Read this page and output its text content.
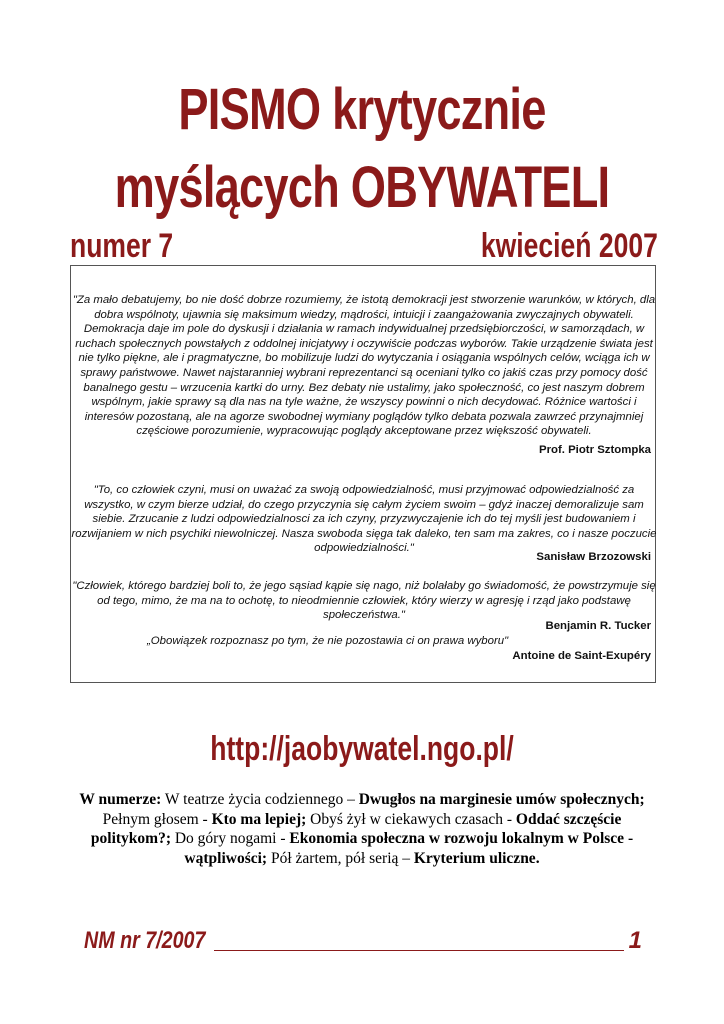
PISMO krytycznie
myślących OBYWATELI
numer 7	kwiecień 2007
"Za mało debatujemy, bo nie dość dobrze rozumiemy, że istotą demokracji jest stworzenie warunków, w których, dla dobra wspólnoty, ujawnia się maksimum wiedzy, mądrości, intuicji i zaangażowania zwyczajnych obywateli. Demokracja daje im pole do dyskusji i działania w ramach indywidualnej przedsiębiorczości, w samorządach, w ruchach społecznych powstałych z oddolnej inicjatywy i oczywiście podczas wyborów. Takie urządzenie świata jest nie tylko piękne, ale i pragmatyczne, bo mobilizuje ludzi do wytyczania i osiągania wspólnych celów, wciąga ich w sprawy państwowe. Nawet najstaranniej wybrani reprezentanci są oceniani tylko co jakiś czas przy pomocy dość banalnego gestu – wrzucenia kartki do urny. Bez debaty nie ustalimy, jako społeczność, co jest naszym dobrem wspólnym, jakie sprawy są dla nas na tyle ważne, że wszyscy powinni o nich decydować. Różnice wartości i interesów pozostaną, ale na agorze swobodnej wymiany poglądów tylko debata pozwala zawrzeć przynajmniej częściowe porozumienie, wypracowując poglądy akceptowane przez większość obywateli.
Prof. Piotr Sztompka
"To, co człowiek czyni, musi on uważać za swoją odpowiedzialność, musi przyjmować odpowiedzialność za wszystko, w czym bierze udział, do czego przyczynia się całym życiem swoim – gdyż inaczej demoralizuje sam siebie. Zrzucanie z ludzi odpowiedzialnosci za ich czyny, przyzwyczajenie ich do tej myśli jest budowaniem i rozwijaniem w nich psychiki niewolniczej. Nasza swoboda sięga tak daleko, ten sam ma zakres, co i nasze poczucie odpowiedzialności."
Sanisław Brzozowski
"Człowiek, którego bardziej boli to, że jego sąsiad kąpie się nago, niż bolałaby go świadomość, że powstrzymuje się od tego, mimo, że ma na to ochotę, to nieodmiennie człowiek, który wierzy w agresję i rząd jako podstawę społeczeństwa."
Benjamin R. Tucker
„Obowiązek rozpoznasz po tym, że nie pozostawia ci on prawa wyboru"
Antoine de Saint-Exupéry
http://jaobywatel.ngo.pl/
W numerze: W teatrze życia codziennego – Dwugłos na marginesie umów społecznych; Pełnym głosem - Kto ma lepiej; Obyś żył w ciekawych czasach - Oddać szczęście politykom?; Do góry nogami - Ekonomia społeczna w rozwoju lokalnym w Polsce - wątpliwości; Pół żartem, pół serią – Kryterium uliczne.
NM nr 7/2007	1
